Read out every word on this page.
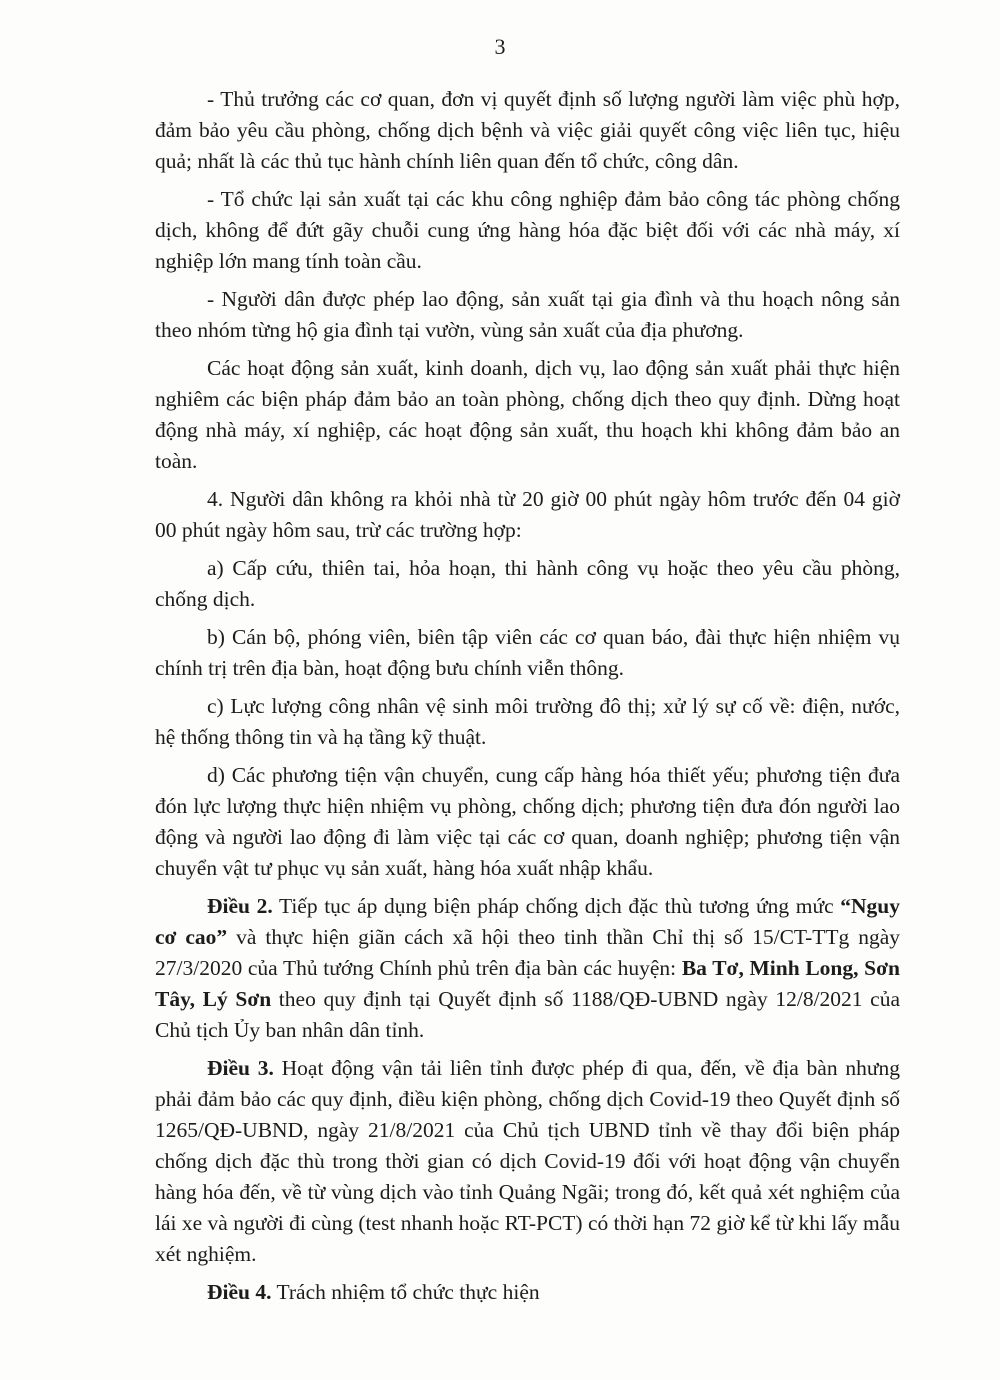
3

- Thủ trưởng các cơ quan, đơn vị quyết định số lượng người làm việc phù hợp, đảm bảo yêu cầu phòng, chống dịch bệnh và việc giải quyết công việc liên tục, hiệu quả; nhất là các thủ tục hành chính liên quan đến tổ chức, công dân.

- Tổ chức lại sản xuất tại các khu công nghiệp đảm bảo công tác phòng chống dịch, không để đứt gãy chuỗi cung ứng hàng hóa đặc biệt đối với các nhà máy, xí nghiệp lớn mang tính toàn cầu.

- Người dân được phép lao động, sản xuất tại gia đình và thu hoạch nông sản theo nhóm từng hộ gia đình tại vườn, vùng sản xuất của địa phương.

Các hoạt động sản xuất, kinh doanh, dịch vụ, lao động sản xuất phải thực hiện nghiêm các biện pháp đảm bảo an toàn phòng, chống dịch theo quy định. Dừng hoạt động nhà máy, xí nghiệp, các hoạt động sản xuất, thu hoạch khi không đảm bảo an toàn.

4. Người dân không ra khỏi nhà từ 20 giờ 00 phút ngày hôm trước đến 04 giờ 00 phút ngày hôm sau, trừ các trường hợp:

a) Cấp cứu, thiên tai, hỏa hoạn, thi hành công vụ hoặc theo yêu cầu phòng, chống dịch.

b) Cán bộ, phóng viên, biên tập viên các cơ quan báo, đài thực hiện nhiệm vụ chính trị trên địa bàn, hoạt động bưu chính viễn thông.

c) Lực lượng công nhân vệ sinh môi trường đô thị; xử lý sự cố về: điện, nước, hệ thống thông tin và hạ tầng kỹ thuật.

d) Các phương tiện vận chuyển, cung cấp hàng hóa thiết yếu; phương tiện đưa đón lực lượng thực hiện nhiệm vụ phòng, chống dịch; phương tiện đưa đón người lao động và người lao động đi làm việc tại các cơ quan, doanh nghiệp; phương tiện vận chuyển vật tư phục vụ sản xuất, hàng hóa xuất nhập khẩu.

Điều 2. Tiếp tục áp dụng biện pháp chống dịch đặc thù tương ứng mức “Nguy cơ cao” và thực hiện giãn cách xã hội theo tinh thần Chỉ thị số 15/CT-TTg ngày 27/3/2020 của Thủ tướng Chính phủ trên địa bàn các huyện: Ba Tơ, Minh Long, Sơn Tây, Lý Sơn theo quy định tại Quyết định số 1188/QĐ-UBND ngày 12/8/2021 của Chủ tịch Ủy ban nhân dân tỉnh.

Điều 3. Hoạt động vận tải liên tỉnh được phép đi qua, đến, về địa bàn nhưng phải đảm bảo các quy định, điều kiện phòng, chống dịch Covid-19 theo Quyết định số 1265/QĐ-UBND, ngày 21/8/2021 của Chủ tịch UBND tỉnh về thay đổi biện pháp chống dịch đặc thù trong thời gian có dịch Covid-19 đối với hoạt động vận chuyển hàng hóa đến, về từ vùng dịch vào tỉnh Quảng Ngãi; trong đó, kết quả xét nghiệm của lái xe và người đi cùng (test nhanh hoặc RT-PCT) có thời hạn 72 giờ kể từ khi lấy mẫu xét nghiệm.

Điều 4. Trách nhiệm tổ chức thực hiện
